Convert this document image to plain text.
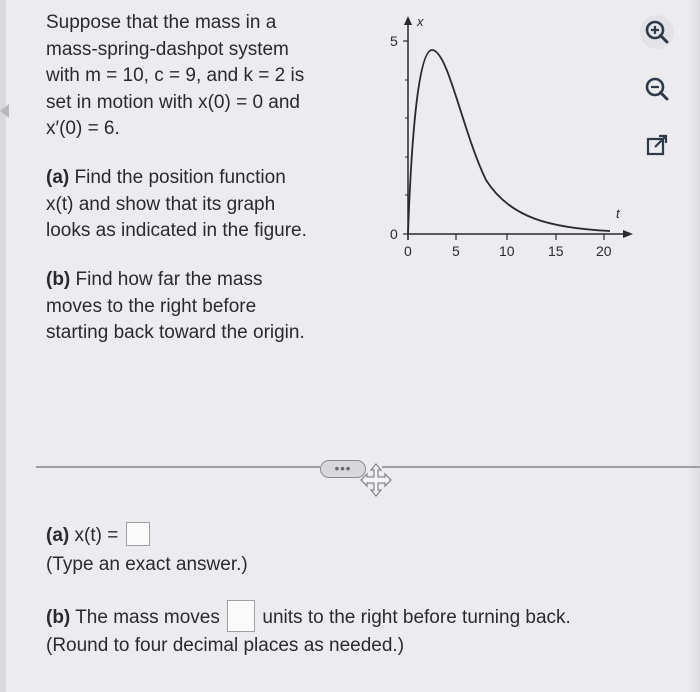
Suppose that the mass in a

mass-spring-dashpot system

with m = 10, c = 9, and k = 2 is

set in motion with x(0) = 0 and

x′(0) = 6.

(a) Find the position function
x(t) and show that its graph
looks as indicated in the figure.
(b) Find how far the mass
moves to the right before
starting back toward the origin.
x
t
5
0
0	5	10 15 20
•••
(a) x(t) =
(Type an exact answer.)
(b) The mass moves  units to the right before turning back.
(Round to four decimal places as needed.)
